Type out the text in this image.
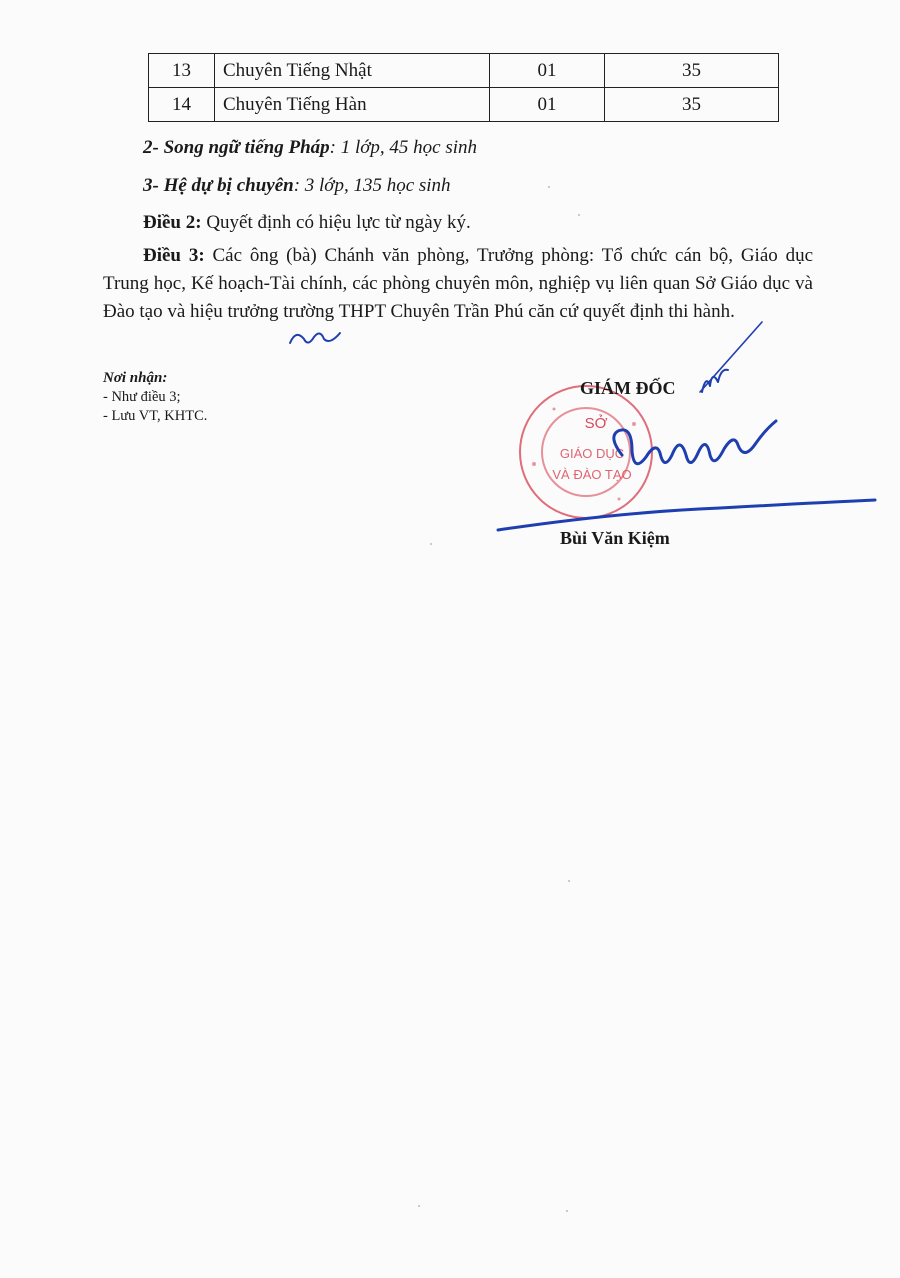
13	Chuyên Tiếng Nhật	01	35
14	Chuyên Tiếng Hàn	01	35
2- Song ngữ tiếng Pháp: 1 lớp, 45 học sinh
3- Hệ dự bị chuyên: 3 lớp, 135 học sinh
Điều 2: Quyết định có hiệu lực từ ngày ký.
Điều 3: Các ông (bà) Chánh văn phòng, Trưởng phòng: Tổ chức cán bộ, Giáo dục Trung học, Kế hoạch-Tài chính, các phòng chuyên môn, nghiệp vụ liên quan Sở Giáo dục và Đào tạo và hiệu trưởng trường THPT Chuyên Trần Phú căn cứ quyết định thi hành.
Nơi nhận:
- Như điều 3;
- Lưu VT, KHTC.	SỞ
GIÁO DỤC
VÀ ĐÀO TẠO
GIÁM ĐỐC
Bùi Văn Kiệm
